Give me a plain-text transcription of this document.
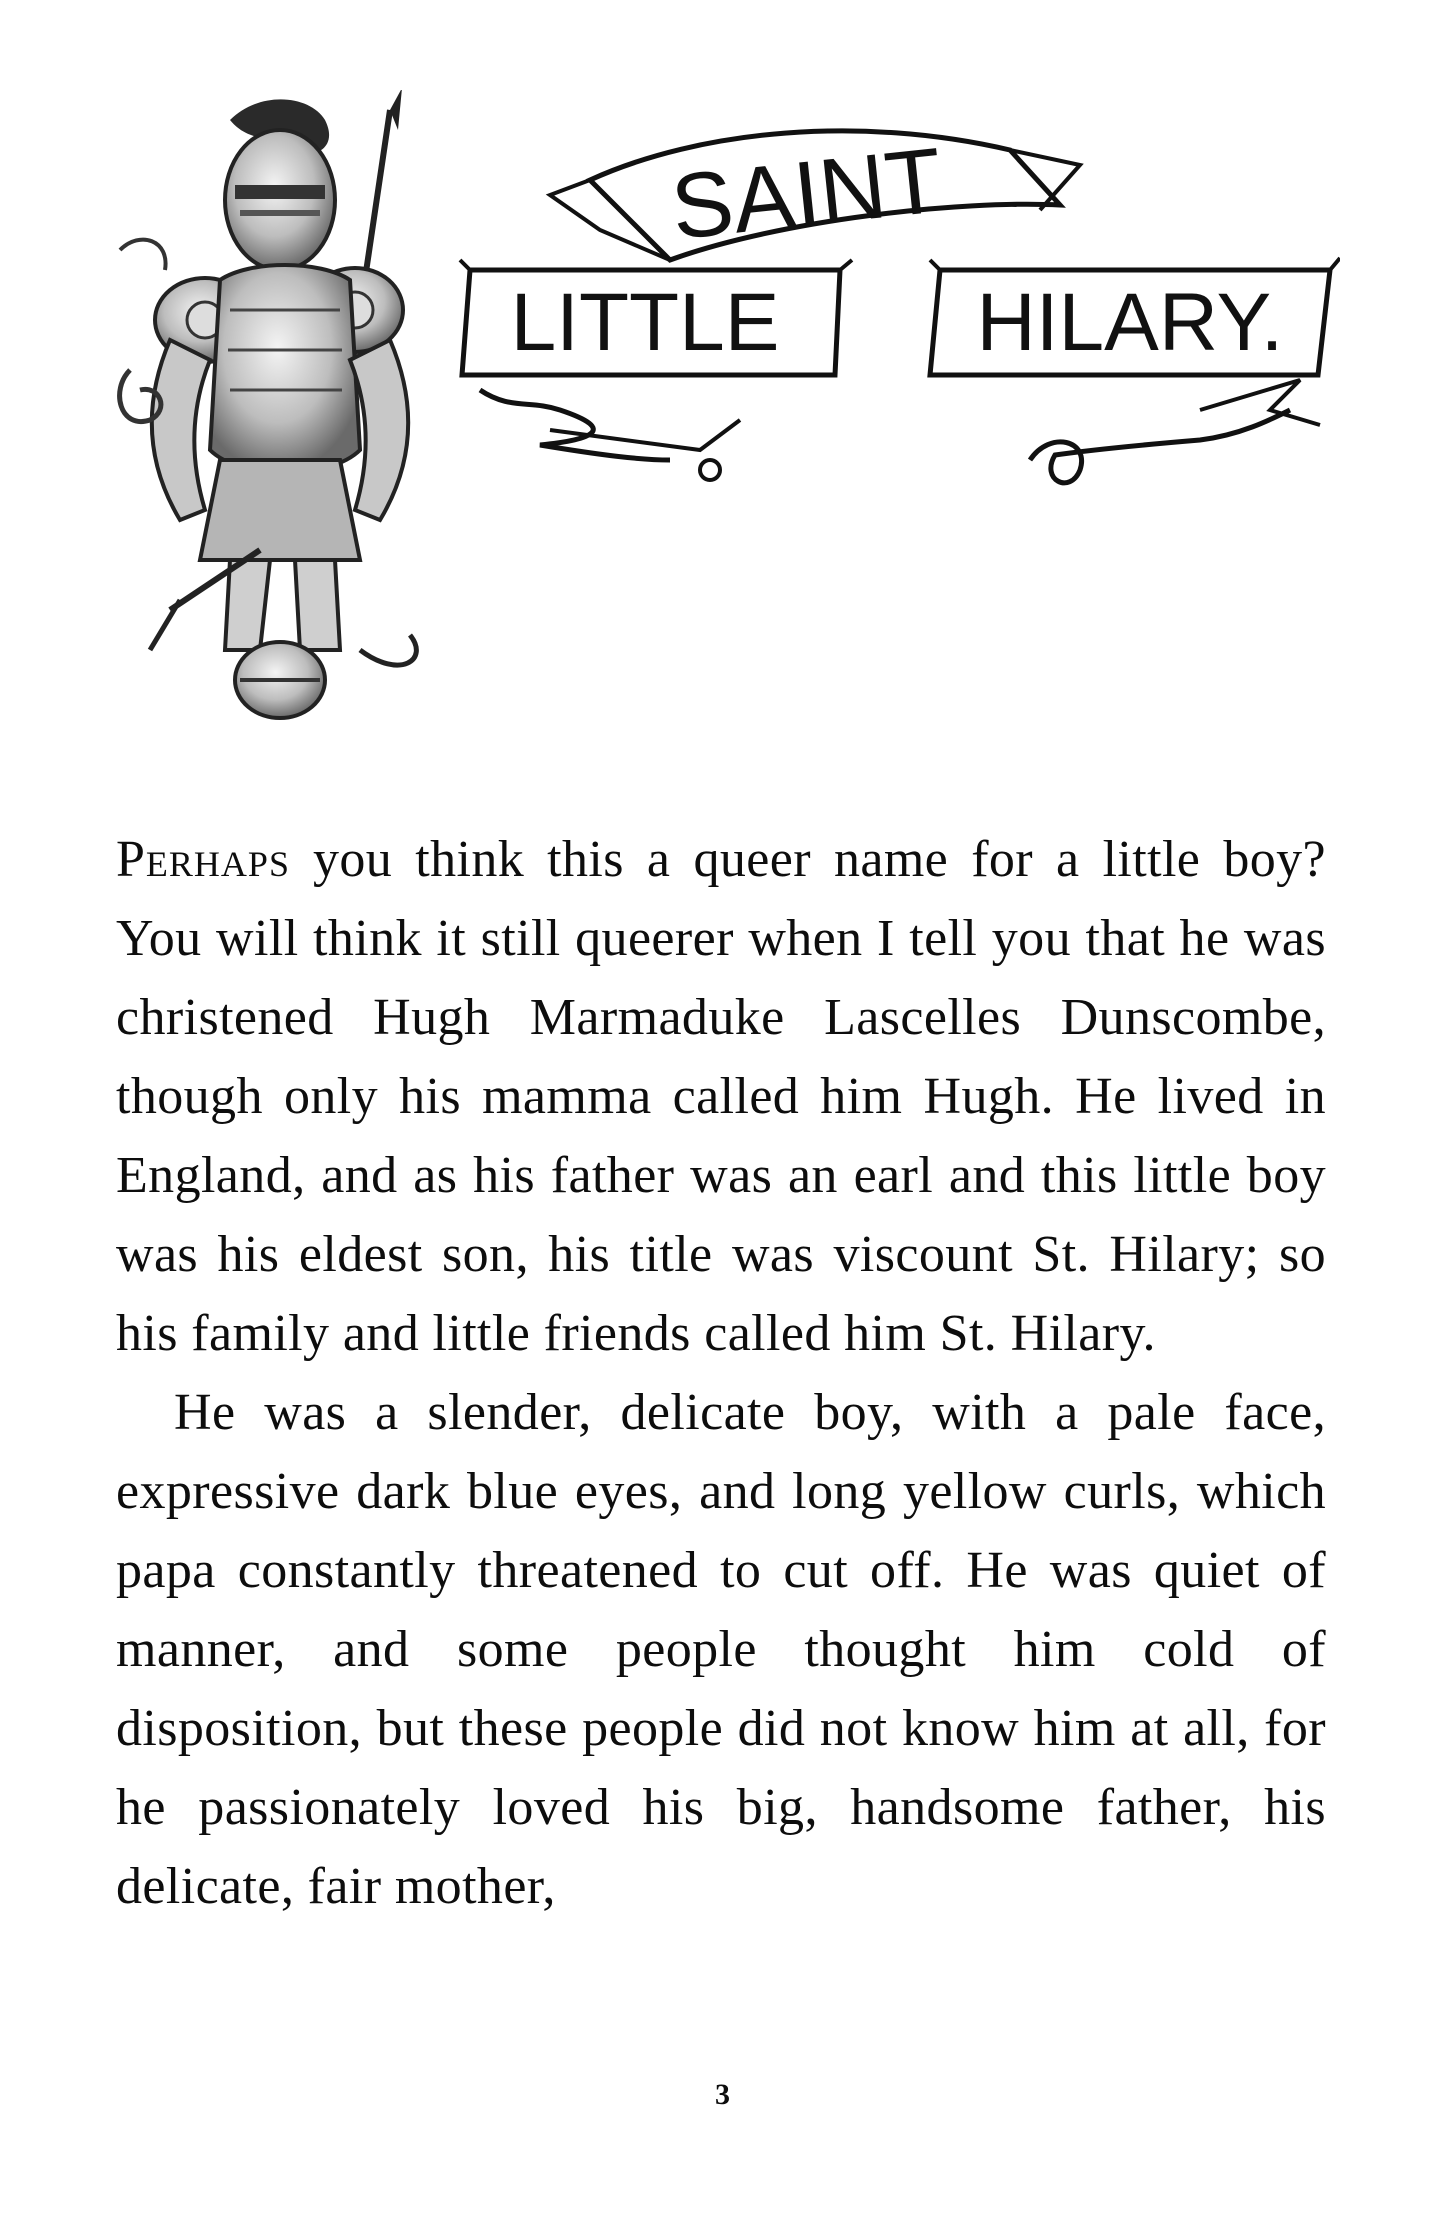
SAINT
LITTLE HILARY.

Perhaps you think this a queer name for a little boy? You will think it still queerer when I tell you that he was christened Hugh Marmaduke Lascelles Dunscombe, though only his mamma called him Hugh. He lived in England, and as his father was an earl and this little boy was his eldest son, his title was viscount St. Hilary; so his family and little friends called him St. Hilary.

He was a slender, delicate boy, with a pale face, expressive dark blue eyes, and long yellow curls, which papa constantly threatened to cut off. He was quiet of manner, and some people thought him cold of disposition, but these people did not know him at all, for he passionately loved his big, handsome father, his delicate, fair mother,

3
